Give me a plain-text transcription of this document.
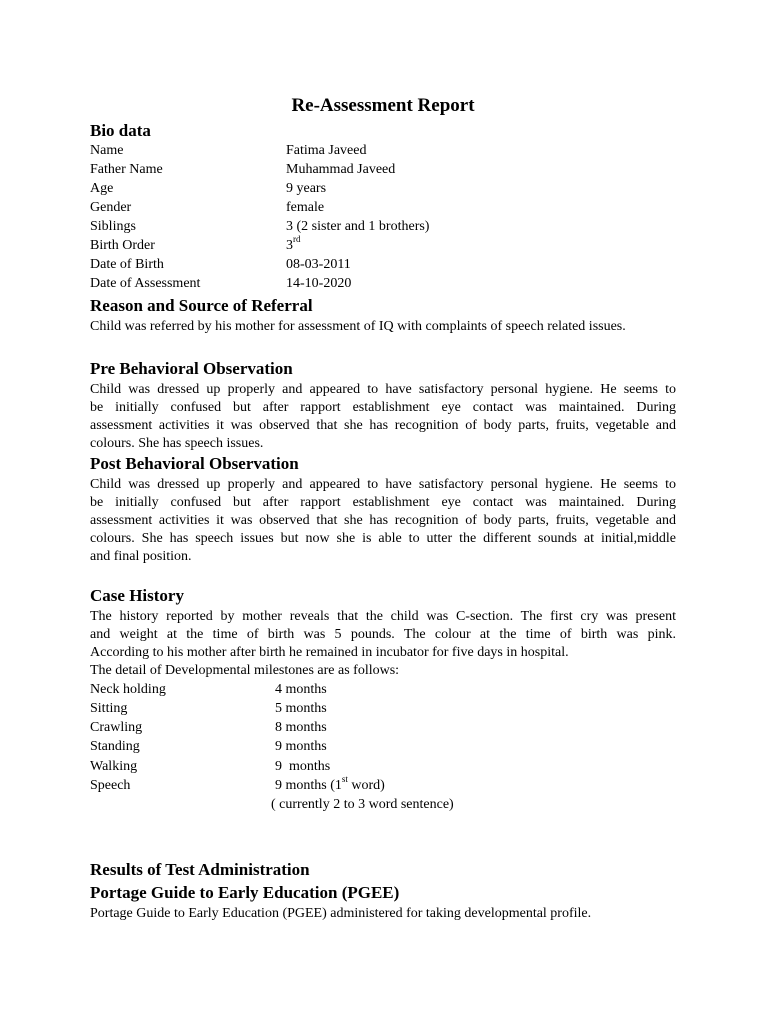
Re-Assessment Report
Bio data
Name	Fatima Javeed
Father Name	Muhammad Javeed
Age	9 years
Gender	female
Siblings	3 (2 sister and 1 brothers)
Birth Order	3rd
Date of Birth	08-03-2011
Date of Assessment	14-10-2020
Reason and Source of Referral
Child was referred by his mother for assessment of IQ with complaints of speech related issues.
Pre Behavioral Observation
Child was dressed up properly and appeared to have satisfactory personal hygiene. He seems to
be initially confused but after rapport establishment eye contact was maintained. During
assessment activities it was observed that she has recognition of body parts, fruits, vegetable and
colours. She has speech issues.
Post Behavioral Observation
Child was dressed up properly and appeared to have satisfactory personal hygiene. He seems to
be initially confused but after rapport establishment eye contact was maintained. During
assessment activities it was observed that she has recognition of body parts, fruits, vegetable and
colours. She has speech issues but now she is able to utter the different sounds at initial,middle
and final position.
Case History
The history reported by mother reveals that the child was C-section. The first cry was present
and weight at the time of birth was 5 pounds. The colour at the time of birth was pink.
According to his mother after birth he remained in incubator for five days in hospital.
The detail of Developmental milestones are as follows:
Neck holding	4 months
Sitting	5 months
Crawling	8 months
Standing	9 months
Walking	9  months
Speech	9 months (1st word)
( currently 2 to 3 word sentence)
Results of Test Administration
Portage Guide to Early Education (PGEE)
Portage Guide to Early Education (PGEE) administered for taking developmental profile.
